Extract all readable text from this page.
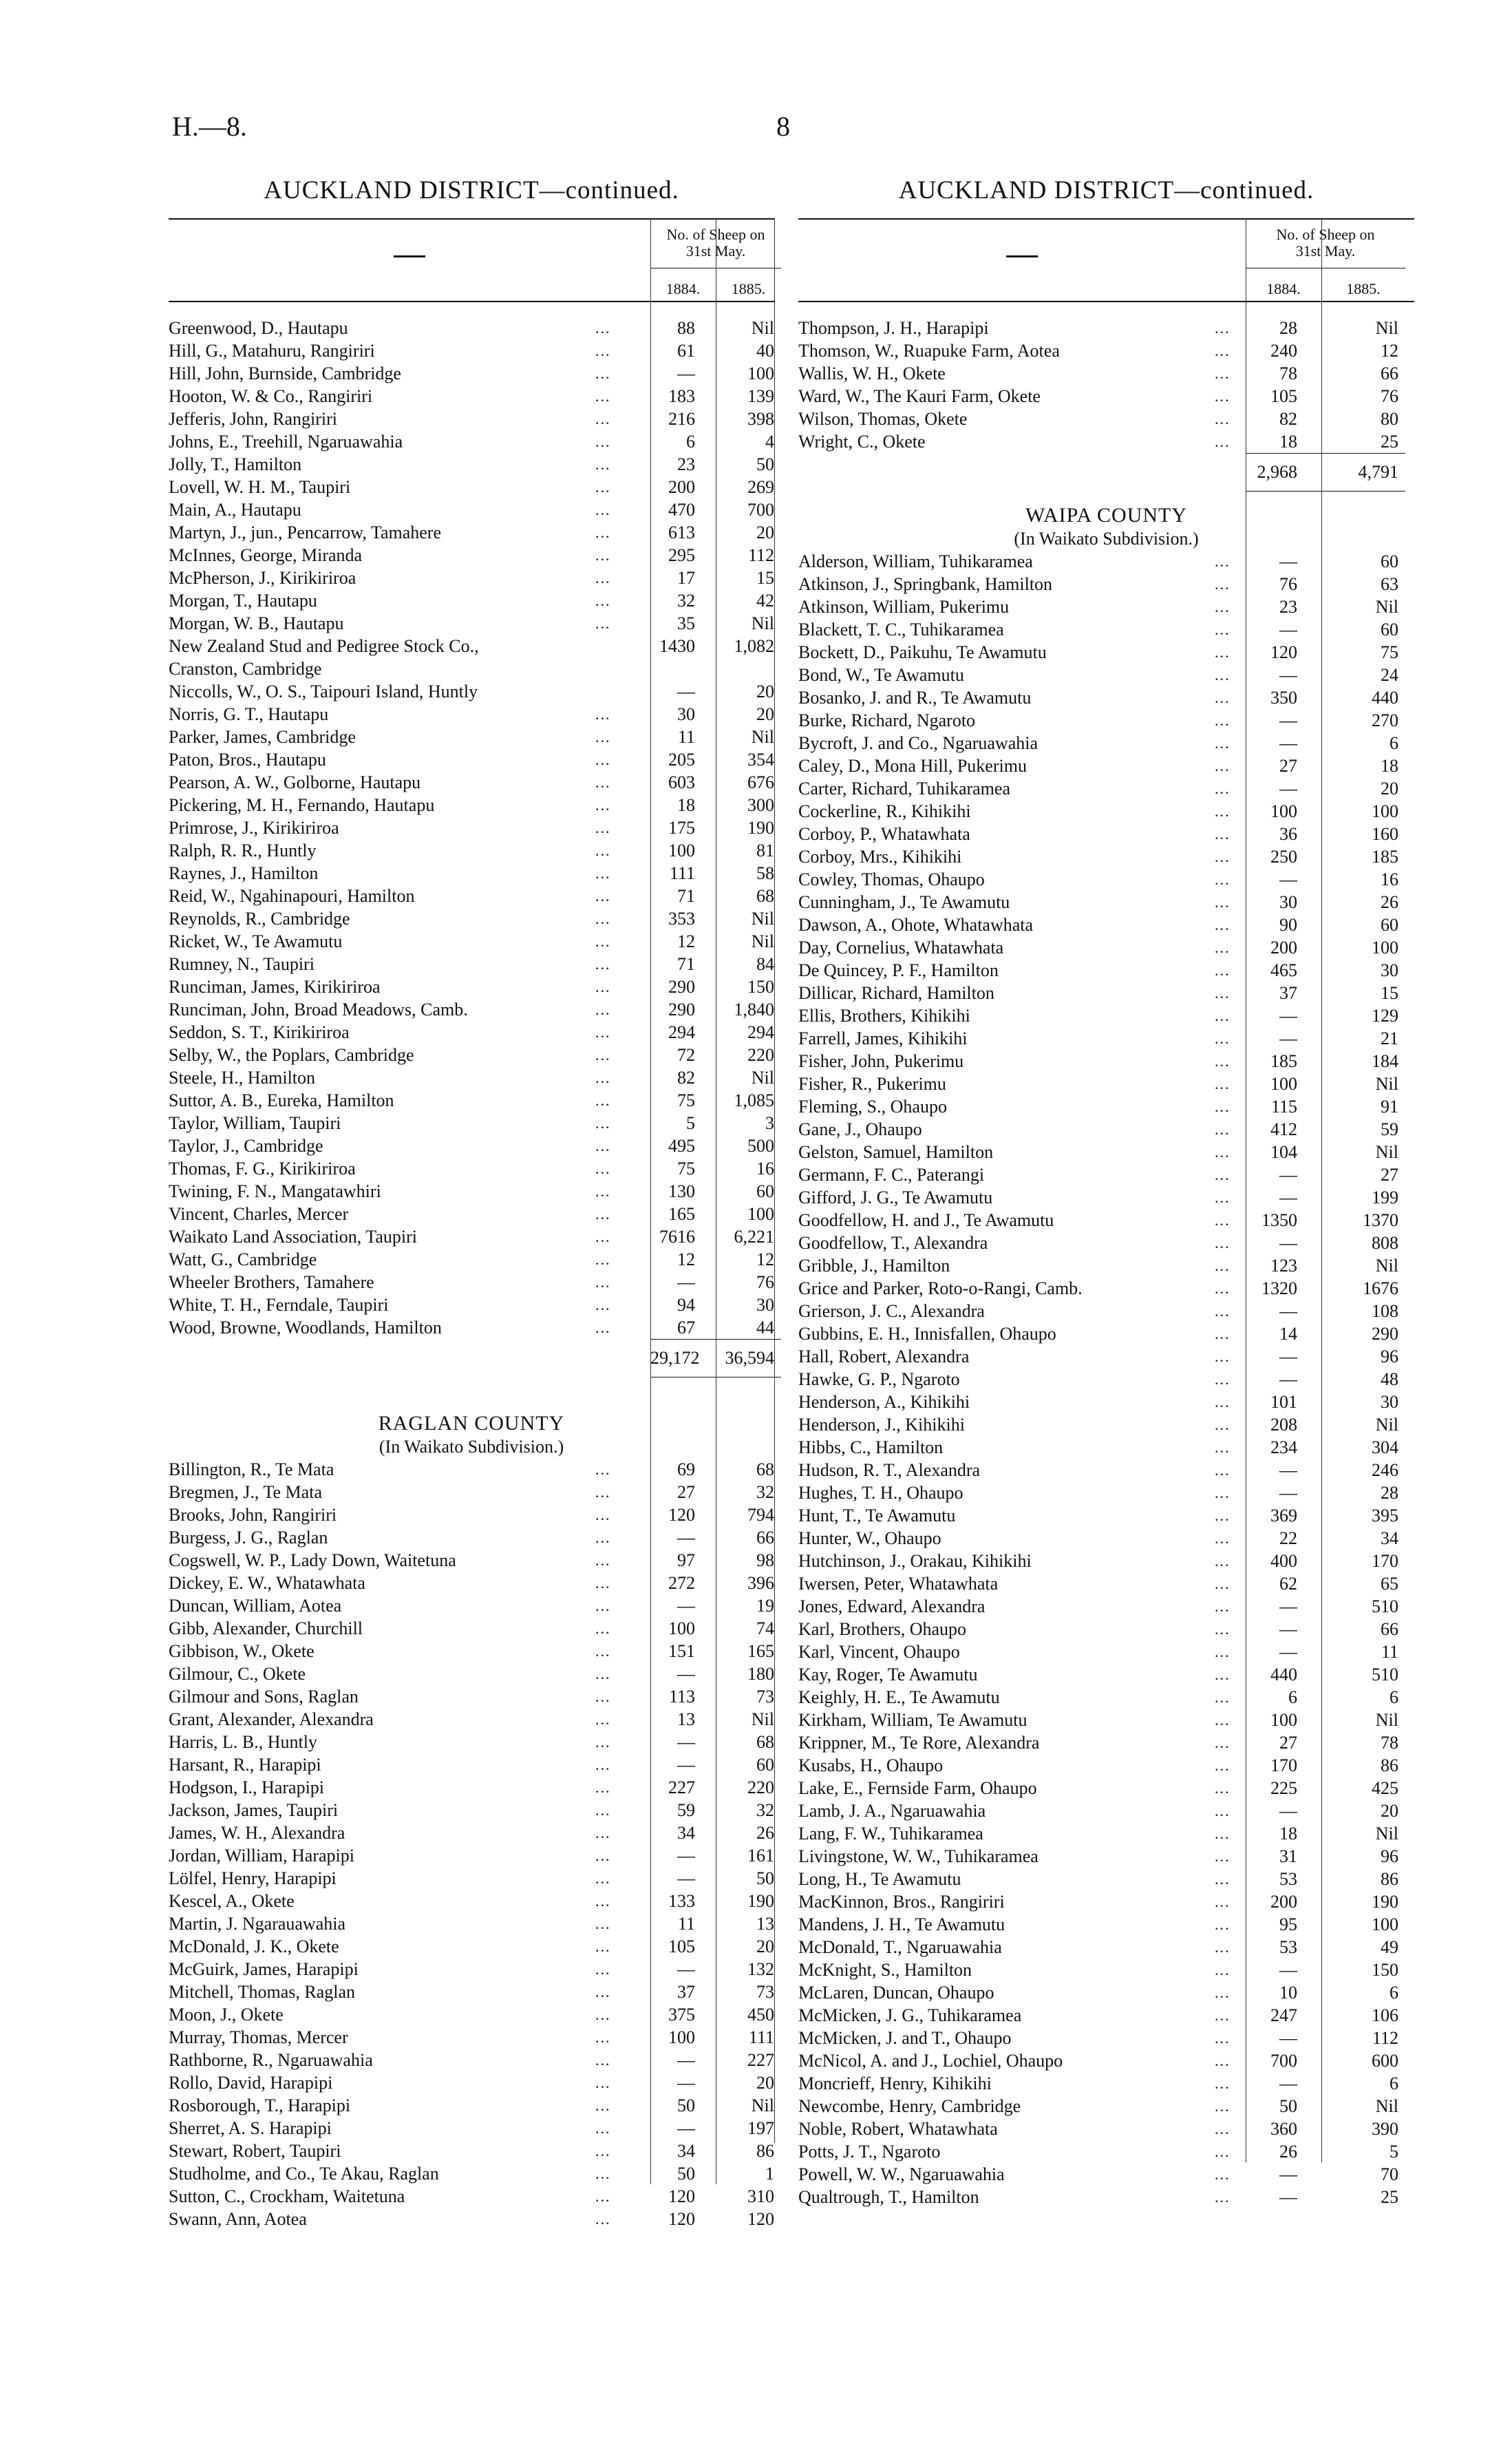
H.—8.	8
AUCKLAND DISTRICT—continued.
No. of Sheep on
31st May.
1884.	1885.
Greenwood, D., Hautapu	...	88	Nil
Hill, G., Matahuru, Rangiriri	...	61	40
Hill, John, Burnside, Cambridge	...	—	100
Hooton, W. & Co., Rangiriri	...	183	139
Jefferis, John, Rangiriri	...	216	398
Johns, E., Treehill, Ngaruawahia	...	6	4
Jolly, T., Hamilton	...	23	50
Lovell, W. H. M., Taupiri	...	200	269
Main, A., Hautapu	...	470	700
Martyn, J., jun., Pencarrow, Tamahere	...	613	20
McInnes, George, Miranda	...	295	112
McPherson, J., Kirikiriroa	...	17	15
Morgan, T., Hautapu	...	32	42
Morgan, W. B., Hautapu	...	35	Nil
New Zealand Stud and Pedigree Stock Co.,	1430	1,082
Cranston, Cambridge
Niccolls, W., O. S., Taipouri Island, Huntly	—	20
Norris, G. T., Hautapu	...	30	20
Parker, James, Cambridge	...	11	Nil
Paton, Bros., Hautapu	...	205	354
Pearson, A. W., Golborne, Hautapu	...	603	676
Pickering, M. H., Fernando, Hautapu	...	18	300
Primrose, J., Kirikiriroa	...	175	190
Ralph, R. R., Huntly	...	100	81
Raynes, J., Hamilton	...	111	58
Reid, W., Ngahinapouri, Hamilton	...	71	68
Reynolds, R., Cambridge	...	353	Nil
Ricket, W., Te Awamutu	...	12	Nil
Rumney, N., Taupiri	...	71	84
Runciman, James, Kirikiriroa	...	290	150
Runciman, John, Broad Meadows, Camb.	...	290	1,840
Seddon, S. T., Kirikiriroa	...	294	294
Selby, W., the Poplars, Cambridge	...	72	220
Steele, H., Hamilton	...	82	Nil
Suttor, A. B., Eureka, Hamilton	...	75	1,085
Taylor, William, Taupiri	...	5	3
Taylor, J., Cambridge	...	495	500
Thomas, F. G., Kirikiriroa	...	75	16
Twining, F. N., Mangatawhiri	...	130	60
Vincent, Charles, Mercer	...	165	100
Waikato Land Association, Taupiri	...	7616	6,221
Watt, G., Cambridge	...	12	12
Wheeler Brothers, Tamahere	...	—	76
White, T. H., Ferndale, Taupiri	...	94	30
Wood, Browne, Woodlands, Hamilton	...	67	44
29,172	36,594
RAGLAN COUNTY
(In Waikato Subdivision.)
Billington, R., Te Mata	...	69	68
Bregmen, J., Te Mata	...	27	32
Brooks, John, Rangiriri	...	120	794
Burgess, J. G., Raglan	...	—	66
Cogswell, W. P., Lady Down, Waitetuna	...	97	98
Dickey, E. W., Whatawhata	...	272	396
Duncan, William, Aotea	...	—	19
Gibb, Alexander, Churchill	...	100	74
Gibbison, W., Okete	...	151	165
Gilmour, C., Okete	...	—	180
Gilmour and Sons, Raglan	...	113	73
Grant, Alexander, Alexandra	...	13	Nil
Harris, L. B., Huntly	...	—	68
Harsant, R., Harapipi	...	—	60
Hodgson, I., Harapipi	...	227	220
Jackson, James, Taupiri	...	59	32
James, W. H., Alexandra	...	34	26
Jordan, William, Harapipi	...	—	161
Lölfel, Henry, Harapipi	...	—	50
Kescel, A., Okete	...	133	190
Martin, J. Ngarauawahia	...	11	13
McDonald, J. K., Okete	...	105	20
McGuirk, James, Harapipi	...	—	132
Mitchell, Thomas, Raglan	...	37	73
Moon, J., Okete	...	375	450
Murray, Thomas, Mercer	...	100	111
Rathborne, R., Ngaruawahia	...	—	227
Rollo, David, Harapipi	...	—	20
Rosborough, T., Harapipi	...	50	Nil
Sherret, A. S. Harapipi	...	—	197
Stewart, Robert, Taupiri	...	34	86
Studholme, and Co., Te Akau, Raglan	...	50	1
Sutton, C., Crockham, Waitetuna	...	120	310
Swann, Ann, Aotea	...	120	120
AUCKLAND DISTRICT—continued.
No. of Sheep on
31st May.
1884.	1885.
Thompson, J. H., Harapipi	...	28	Nil
Thomson, W., Ruapuke Farm, Aotea	...	240	12
Wallis, W. H., Okete	...	78	66
Ward, W., The Kauri Farm, Okete	...	105	76
Wilson, Thomas, Okete	...	82	80
Wright, C., Okete	...	18	25
2,968	4,791
WAIPA COUNTY
(In Waikato Subdivision.)
Alderson, William, Tuhikaramea	...	—	60
Atkinson, J., Springbank, Hamilton	...	76	63
Atkinson, William, Pukerimu	...	23	Nil
Blackett, T. C., Tuhikaramea	...	—	60
Bockett, D., Paikuhu, Te Awamutu	...	120	75
Bond, W., Te Awamutu	...	—	24
Bosanko, J. and R., Te Awamutu	...	350	440
Burke, Richard, Ngaroto	...	—	270
Bycroft, J. and Co., Ngaruawahia	...	—	6
Caley, D., Mona Hill, Pukerimu	...	27	18
Carter, Richard, Tuhikaramea	...	—	20
Cockerline, R., Kihikihi	...	100	100
Corboy, P., Whatawhata	...	36	160
Corboy, Mrs., Kihikihi	...	250	185
Cowley, Thomas, Ohaupo	...	—	16
Cunningham, J., Te Awamutu	...	30	26
Dawson, A., Ohote, Whatawhata	...	90	60
Day, Cornelius, Whatawhata	...	200	100
De Quincey, P. F., Hamilton	...	465	30
Dillicar, Richard, Hamilton	...	37	15
Ellis, Brothers, Kihikihi	...	—	129
Farrell, James, Kihikihi	...	—	21
Fisher, John, Pukerimu	...	185	184
Fisher, R., Pukerimu	...	100	Nil
Fleming, S., Ohaupo	...	115	91
Gane, J., Ohaupo	...	412	59
Gelston, Samuel, Hamilton	...	104	Nil
Germann, F. C., Paterangi	...	—	27
Gifford, J. G., Te Awamutu	...	—	199
Goodfellow, H. and J., Te Awamutu	...	1350	1370
Goodfellow, T., Alexandra	...	—	808
Gribble, J., Hamilton	...	123	Nil
Grice and Parker, Roto-o-Rangi, Camb.	...	1320	1676
Grierson, J. C., Alexandra	...	—	108
Gubbins, E. H., Innisfallen, Ohaupo	...	14	290
Hall, Robert, Alexandra	...	—	96
Hawke, G. P., Ngaroto	...	—	48
Henderson, A., Kihikihi	...	101	30
Henderson, J., Kihikihi	...	208	Nil
Hibbs, C., Hamilton	...	234	304
Hudson, R. T., Alexandra	...	—	246
Hughes, T. H., Ohaupo	...	—	28
Hunt, T., Te Awamutu	...	369	395
Hunter, W., Ohaupo	...	22	34
Hutchinson, J., Orakau, Kihikihi	...	400	170
Iwersen, Peter, Whatawhata	...	62	65
Jones, Edward, Alexandra	...	—	510
Karl, Brothers, Ohaupo	...	—	66
Karl, Vincent, Ohaupo	...	—	11
Kay, Roger, Te Awamutu	...	440	510
Keighly, H. E., Te Awamutu	...	6	6
Kirkham, William, Te Awamutu	...	100	Nil
Krippner, M., Te Rore, Alexandra	...	27	78
Kusabs, H., Ohaupo	...	170	86
Lake, E., Fernside Farm, Ohaupo	...	225	425
Lamb, J. A., Ngaruawahia	...	—	20
Lang, F. W., Tuhikaramea	...	18	Nil
Livingstone, W. W., Tuhikaramea	...	31	96
Long, H., Te Awamutu	...	53	86
MacKinnon, Bros., Rangiriri	...	200	190
Mandens, J. H., Te Awamutu	...	95	100
McDonald, T., Ngaruawahia	...	53	49
McKnight, S., Hamilton	...	—	150
McLaren, Duncan, Ohaupo	...	10	6
McMicken, J. G., Tuhikaramea	...	247	106
McMicken, J. and T., Ohaupo	...	—	112
McNicol, A. and J., Lochiel, Ohaupo	...	700	600
Moncrieff, Henry, Kihikihi	...	—	6
Newcombe, Henry, Cambridge	...	50	Nil
Noble, Robert, Whatawhata	...	360	390
Potts, J. T., Ngaroto	...	26	5
Powell, W. W., Ngaruawahia	...	—	70
Qualtrough, T., Hamilton	...	—	25
